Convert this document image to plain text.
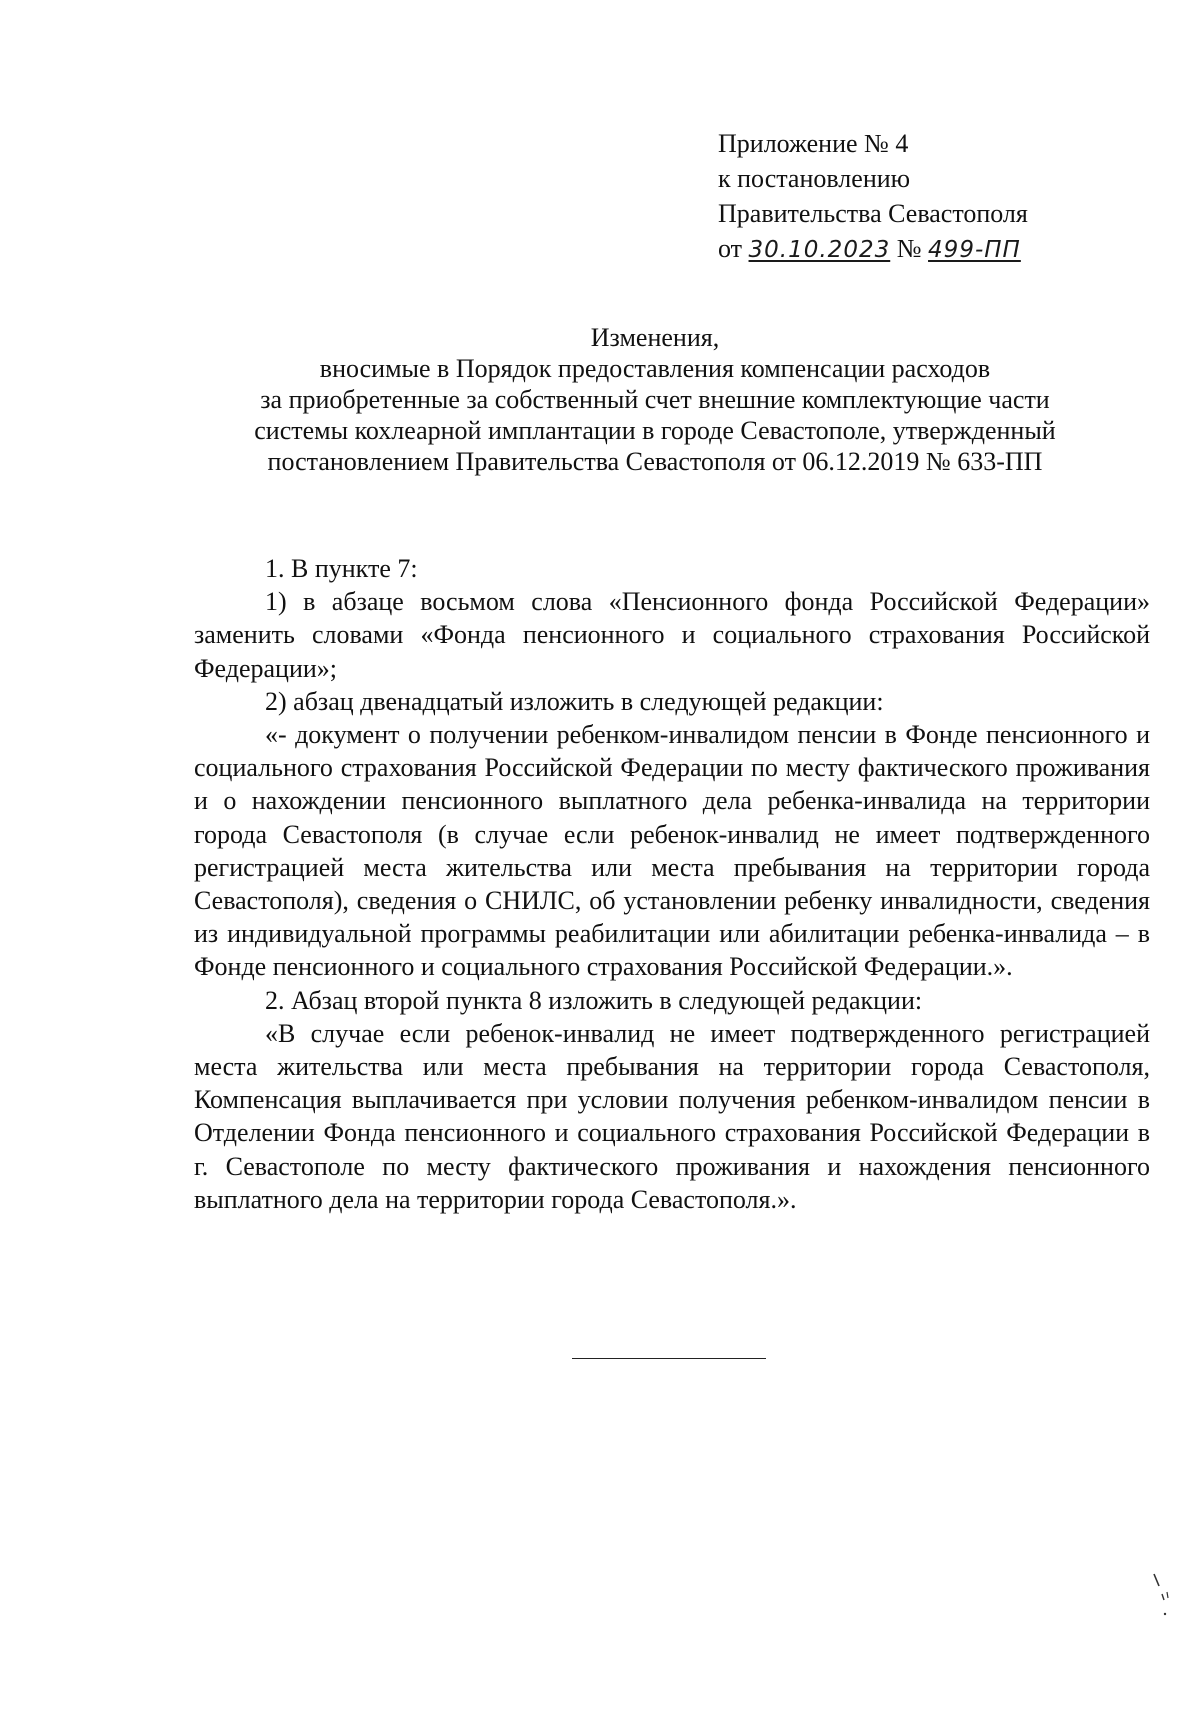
Приложение № 4
к постановлению
Правительства Севастополя
от 30.10.2023 № 499-ПП
Изменения,
вносимые в Порядок предоставления компенсации расходов
за приобретенные за собственный счет внешние комплектующие части
системы кохлеарной имплантации в городе Севастополе, утвержденный
постановлением Правительства Севастополя от 06.12.2019 № 633-ПП

1. В пункте 7:

1) в абзаце восьмом слова «Пенсионного фонда Российской Федерации» заменить словами «Фонда пенсионного и социального страхования Российской Федерации»;

2) абзац двенадцатый изложить в следующей редакции:

«- документ о получении ребенком-инвалидом пенсии в Фонде пенсионного и социального страхования Российской Федерации по месту фактического проживания и о нахождении пенсионного выплатного дела ребенка-инвалида на территории города Севастополя (в случае если ребенок-инвалид не имеет подтвержденного регистрацией места жительства или места пребывания на территории города Севастополя), сведения о СНИЛС, об установлении ребенку инвалидности, сведения из индивидуальной программы реабилитации или абилитации ребенка-инвалида – в Фонде пенсионного и социального страхования Российской Федерации.».

2. Абзац второй пункта 8 изложить в следующей редакции:

«В случае если ребенок-инвалид не имеет подтвержденного регистрацией места жительства или места пребывания на территории города Севастополя, Компенсация выплачивается при условии получения ребенком-инвалидом пенсии в Отделении Фонда пенсионного и социального страхования Российской Федерации в г. Севастополе по месту фактического проживания и нахождения пенсионного выплатного дела на территории города Севастополя.».
